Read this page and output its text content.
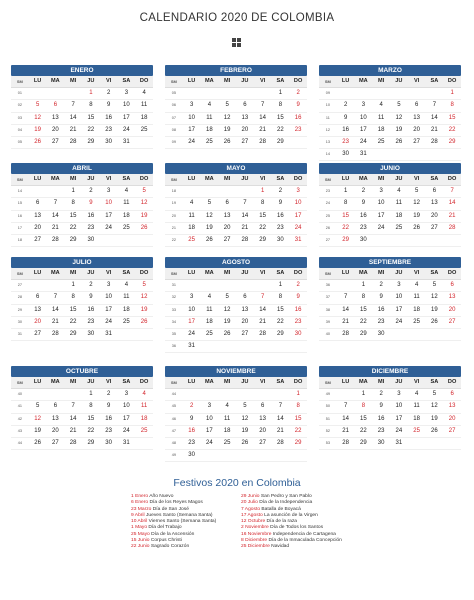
CALENDARIO 2020 DE COLOMBIA
ENERO
SM	LU	MA	MI	JU	VI	SA	DO
01				1	2	3	4
02	5	6	7	8	9	10	11
03	12	13	14	15	16	17	18
04	19	20	21	22	23	24	25
05	26	27	28	29	30	31	
FEBRERO
SM	LU	MA	MI	JU	VI	SA	DO
05						1	2
06	3	4	5	6	7	8	9
07	10	11	12	13	14	15	16
08	17	18	19	20	21	22	23
09	24	25	26	27	28	29	
MARZO
SM	LU	MA	MI	JU	VI	SA	DO
09							1
10	2	3	4	5	6	7	8
11	9	10	11	12	13	14	15
12	16	17	18	19	20	21	22
13	23	24	25	26	27	28	29
14	30	31					
ABRIL
SM	LU	MA	MI	JU	VI	SA	DO
14			1	2	3	4	5
15	6	7	8	9	10	11	12
16	13	14	15	16	17	18	19
17	20	21	22	23	24	25	26
18	27	28	29	30			
MAYO
SM	LU	MA	MI	JU	VI	SA	DO
18					1	2	3
19	4	5	6	7	8	9	10
20	11	12	13	14	15	16	17
21	18	19	20	21	22	23	24
22	25	26	27	28	29	30	31
JUNIO
SM	LU	MA	MI	JU	VI	SA	DO
23	1	2	3	4	5	6	7
24	8	9	10	11	12	13	14
25	15	16	17	18	19	20	21
26	22	23	24	25	26	27	28
27	29	30					
JULIO
SM	LU	MA	MI	JU	VI	SA	DO
27			1	2	3	4	5
28	6	7	8	9	10	11	12
29	13	14	15	16	17	18	19
30	20	21	22	23	24	25	26
31	27	28	29	30	31		
AGOSTO
SM	LU	MA	MI	JU	VI	SA	DO
31						1	2
32	3	4	5	6	7	8	9
33	10	11	12	13	14	15	16
34	17	18	19	20	21	22	23
35	24	25	26	27	28	29	30
36	31						
SEPTIEMBRE
SM	LU	MA	MI	JU	VI	SA	DO
36		1	2	3	4	5	6
37	7	8	9	10	11	12	13
38	14	15	16	17	18	19	20
39	21	22	23	24	25	26	27
40	28	29	30				
OCTUBRE
SM	LU	MA	MI	JU	VI	SA	DO
40				1	2	3	4
41	5	6	7	8	9	10	11
42	12	13	14	15	16	17	18
43	19	20	21	22	23	24	25
44	26	27	28	29	30	31	
NOVIEMBRE
SM	LU	MA	MI	JU	VI	SA	DO
44							1
45	2	3	4	5	6	7	8
46	9	10	11	12	13	14	15
47	16	17	18	19	20	21	22
48	23	24	25	26	27	28	29
49	30						
DICIEMBRE
SM	LU	MA	MI	JU	VI	SA	DO
49		1	2	3	4	5	6
50	7	8	9	10	11	12	13
51	14	15	16	17	18	19	20
52	21	22	23	24	25	26	27
53	28	29	30	31			
Festivos 2020 en Colombia
1 Enero Año Nuevo
6 Enero Día de los Reyes Magos
23 Marzo Día de San José
9 Abril Jueves Santo (Semana Santa)
10 Abril Viernes Santo (Semana Santa)
1 Mayo Día del Trabajo
25 Mayo Día de la Ascensión
15 Junio Corpus Christi
22 Junio Sagrado Corazón
29 Junio San Pedro y San Pablo
20 Julio Día de la Independencia
7 Agosto Batalla de Boyacá
17 Agosto La asunción de la Virgen
12 Octubre Día de la raza
2 Noviembre Día de Todos los Santos
16 Noviembre Independencia de Cartagena
8 Diciembre Día de la Inmaculada Concepción
25 Diciembre Navidad
